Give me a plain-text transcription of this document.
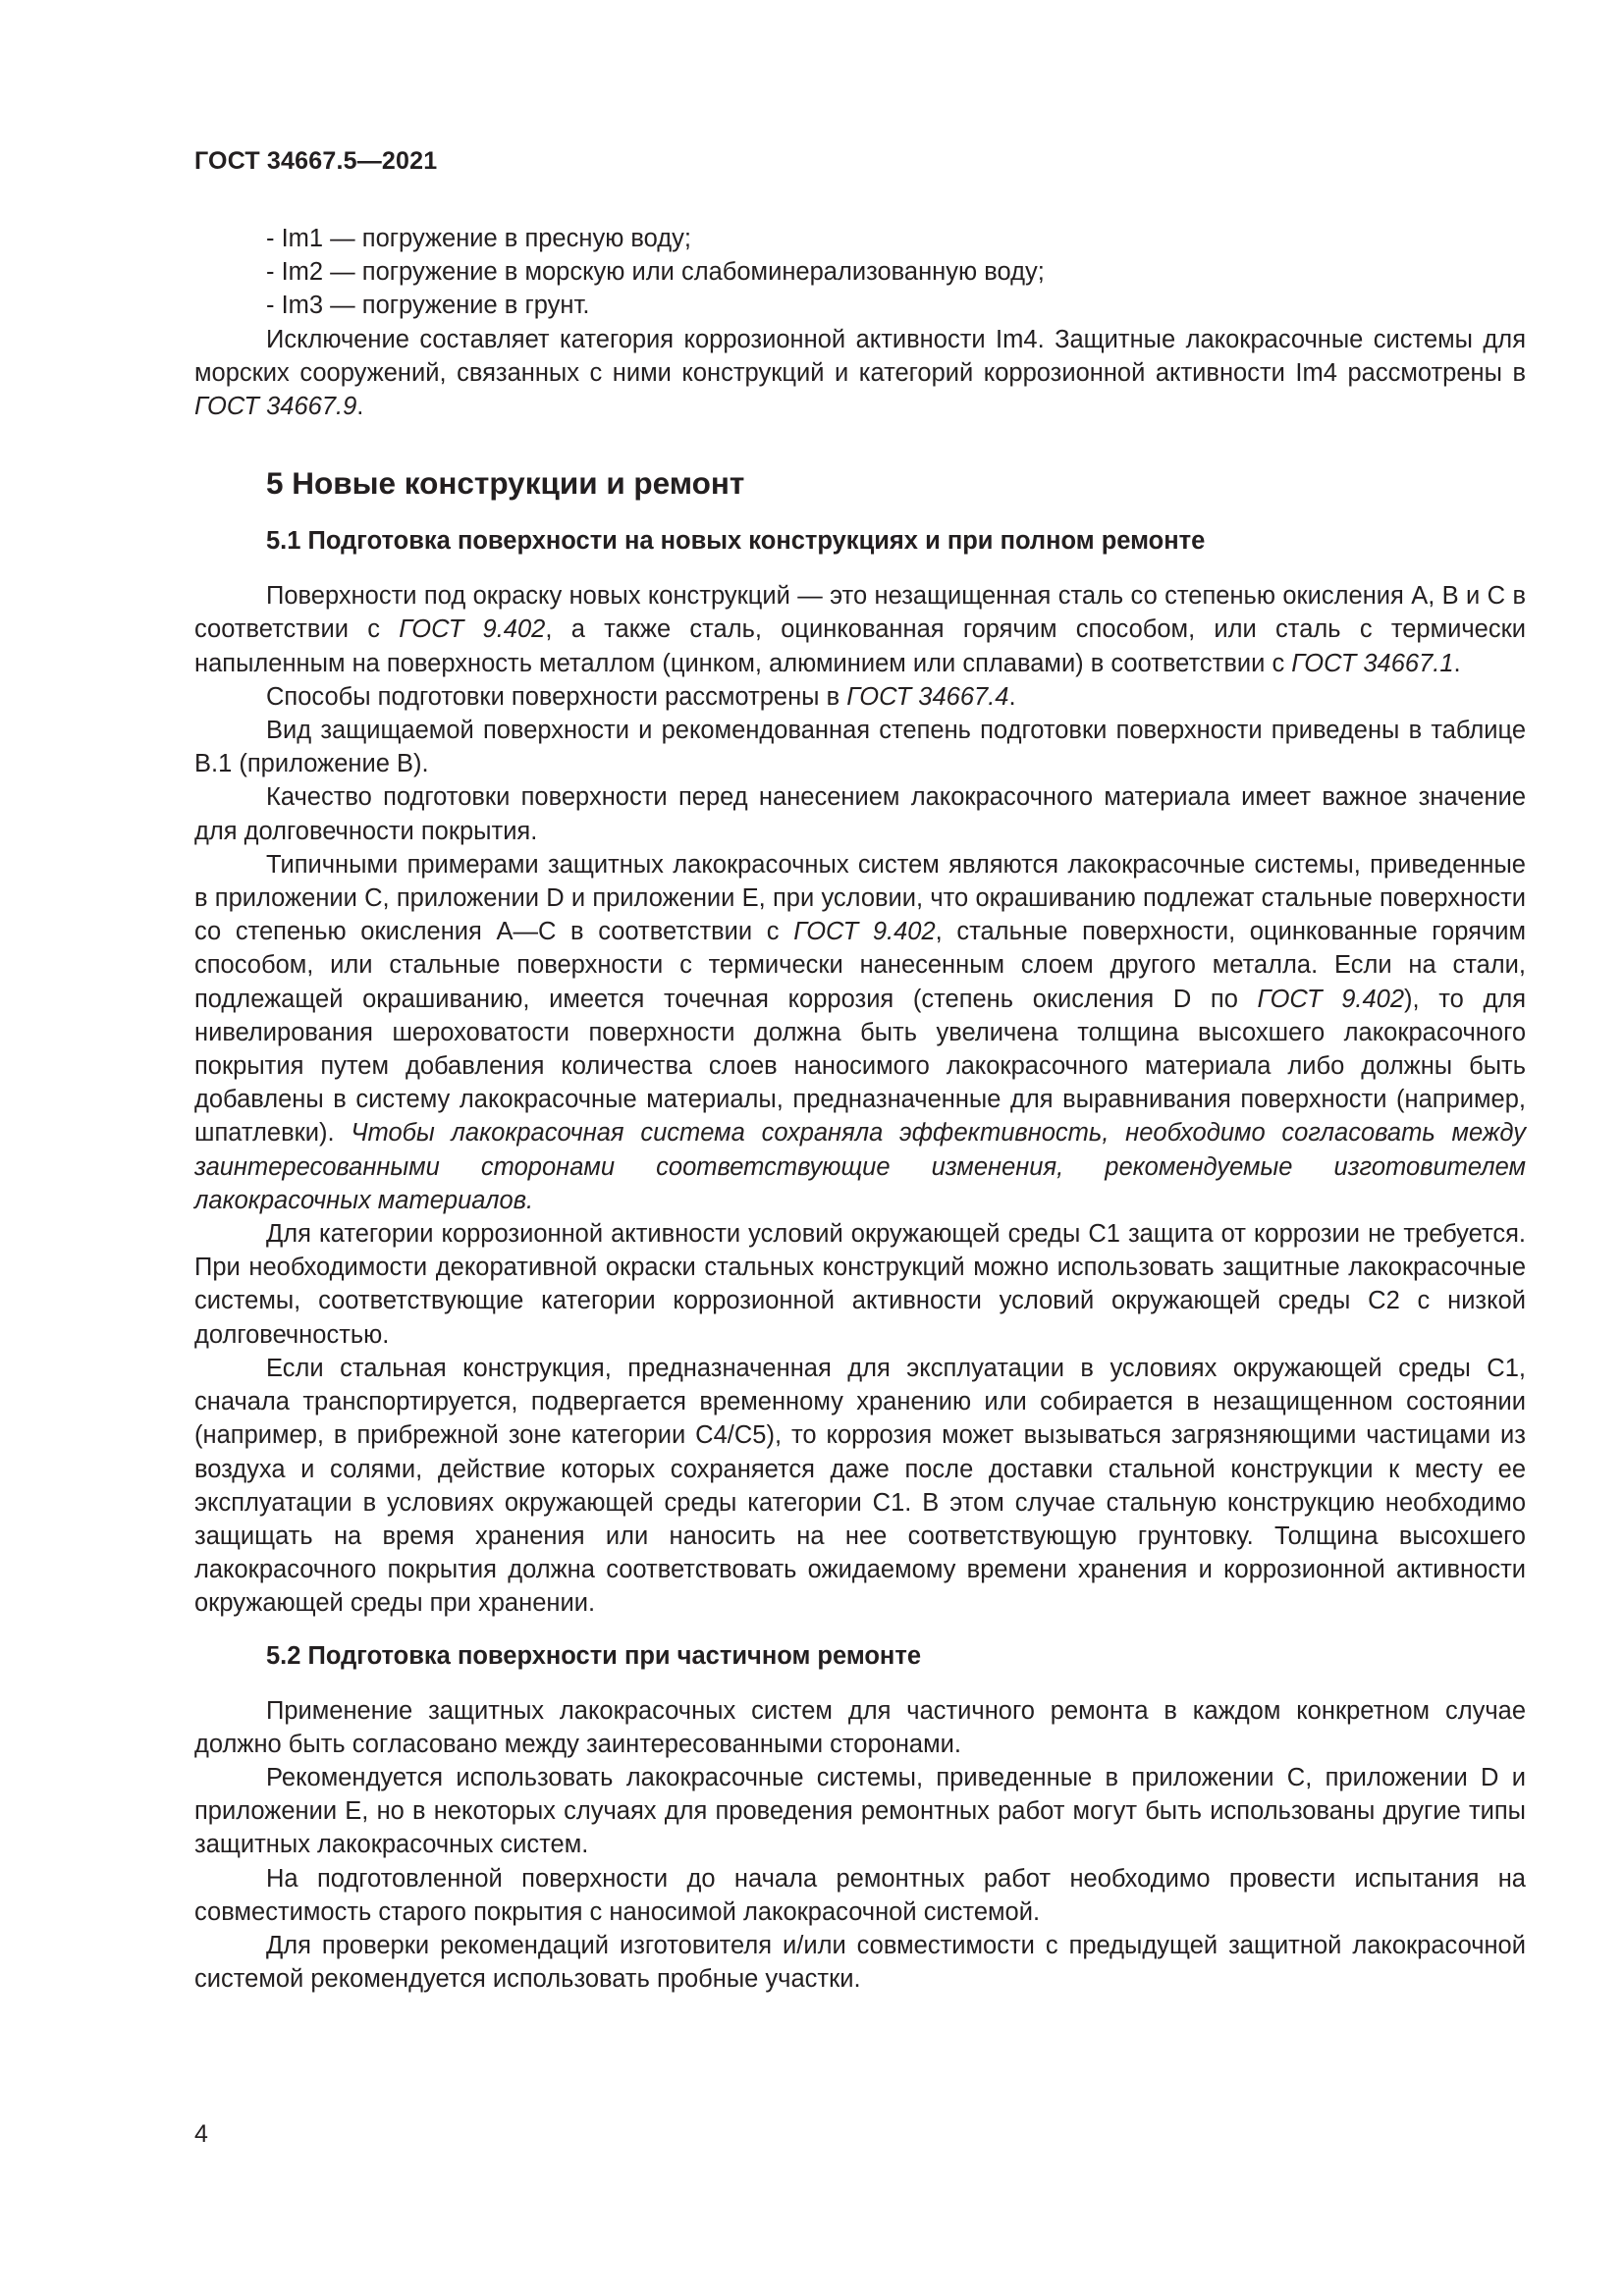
ГОСТ 34667.5—2021

- Im1 — погружение в пресную воду;

- Im2 — погружение в морскую или слабоминерализованную воду;

- Im3 — погружение в грунт.

Исключение составляет категория коррозионной активности Im4. Защитные лакокрасочные системы для морских сооружений, связанных с ними конструкций и категорий коррозионной активности Im4 рассмотрены в ГОСТ 34667.9.

5 Новые конструкции и ремонт
5.1 Подготовка поверхности на новых конструкциях и при полном ремонте

Поверхности под окраску новых конструкций — это незащищенная сталь со степенью окисления А, В и С в соответствии с ГОСТ 9.402, а также сталь, оцинкованная горячим способом, или сталь с термически напыленным на поверхность металлом (цинком, алюминием или сплавами) в соответствии с ГОСТ 34667.1.

Способы подготовки поверхности рассмотрены в ГОСТ 34667.4.

Вид защищаемой поверхности и рекомендованная степень подготовки поверхности приведены в таблице В.1 (приложение В).

Качество подготовки поверхности перед нанесением лакокрасочного материала имеет важное значение для долговечности покрытия.

Типичными примерами защитных лакокрасочных систем являются лакокрасочные системы, приведенные в приложении С, приложении D и приложении Е, при условии, что окрашиванию подлежат стальные поверхности со степенью окисления А—С в соответствии с ГОСТ 9.402, стальные поверхности, оцинкованные горячим способом, или стальные поверхности с термически нанесенным слоем другого металла. Если на стали, подлежащей окрашиванию, имеется точечная коррозия (степень окисления D по ГОСТ 9.402), то для нивелирования шероховатости поверхности должна быть увеличена толщина высохшего лакокрасочного покрытия путем добавления количества слоев наносимого лакокрасочного материала либо должны быть добавлены в систему лакокрасочные материалы, предназначенные для выравнивания поверхности (например, шпатлевки). Чтобы лакокрасочная система сохраняла эффективность, необходимо согласовать между заинтересованными сторонами соответствующие изменения, рекомендуемые изготовителем лакокрасочных материалов.

Для категории коррозионной активности условий окружающей среды С1 защита от коррозии не требуется. При необходимости декоративной окраски стальных конструкций можно использовать защитные лакокрасочные системы, соответствующие категории коррозионной активности условий окружающей среды С2 с низкой долговечностью.

Если стальная конструкция, предназначенная для эксплуатации в условиях окружающей среды С1, сначала транспортируется, подвергается временному хранению или собирается в незащищенном состоянии (например, в прибрежной зоне категории С4/С5), то коррозия может вызываться загрязняющими частицами из воздуха и солями, действие которых сохраняется даже после доставки стальной конструкции к месту ее эксплуатации в условиях окружающей среды категории С1. В этом случае стальную конструкцию необходимо защищать на время хранения или наносить на нее соответствующую грунтовку. Толщина высохшего лакокрасочного покрытия должна соответствовать ожидаемому времени хранения и коррозионной активности окружающей среды при хранении.

5.2 Подготовка поверхности при частичном ремонте

Применение защитных лакокрасочных систем для частичного ремонта в каждом конкретном случае должно быть согласовано между заинтересованными сторонами.

Рекомендуется использовать лакокрасочные системы, приведенные в приложении С, приложении D и приложении Е, но в некоторых случаях для проведения ремонтных работ могут быть использованы другие типы защитных лакокрасочных систем.

На подготовленной поверхности до начала ремонтных работ необходимо провести испытания на совместимость старого покрытия с наносимой лакокрасочной системой.

Для проверки рекомендаций изготовителя и/или совместимости с предыдущей защитной лакокрасочной системой рекомендуется использовать пробные участки.

4
